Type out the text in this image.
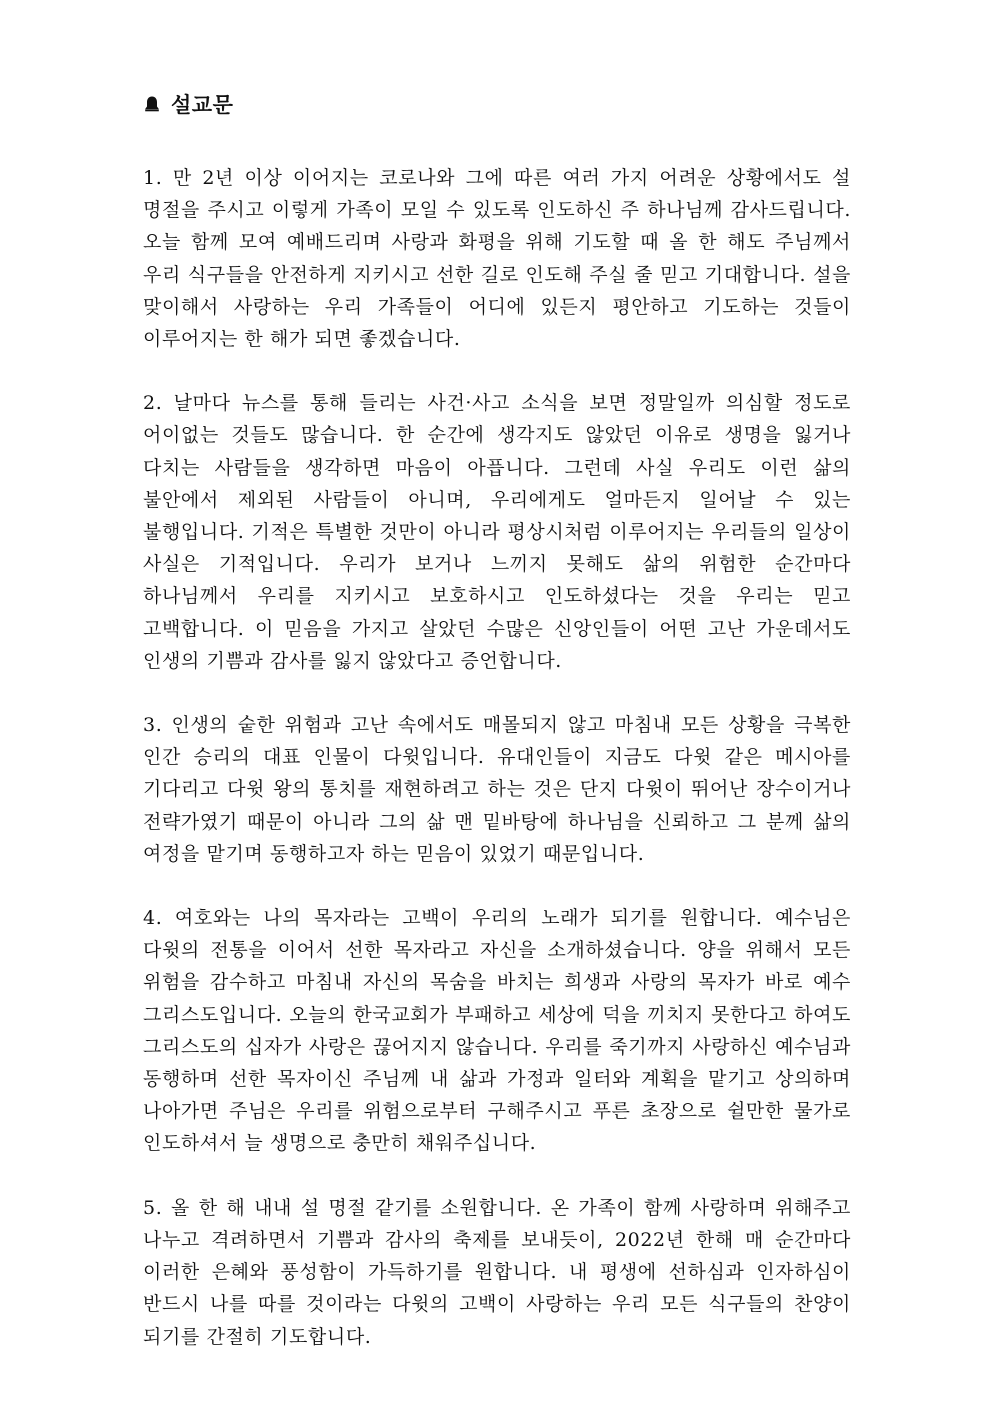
설교문

1. 만 2년 이상 이어지는 코로나와 그에 따른 여러 가지 어려운 상황에서도 설 명절을 주시고 이렇게 가족이 모일 수 있도록 인도하신 주 하나님께 감사드립니다. 오늘 함께 모여 예배드리며 사랑과 화평을 위해 기도할 때 올 한 해도 주님께서 우리 식구들을 안전하게 지키시고 선한 길로 인도해 주실 줄 믿고 기대합니다. 설을 맞이해서 사랑하는 우리 가족들이 어디에 있든지 평안하고 기도하는 것들이 이루어지는 한 해가 되면 좋겠습니다.

2. 날마다 뉴스를 통해 들리는 사건·사고 소식을 보면 정말일까 의심할 정도로 어이없는 것들도 많습니다. 한 순간에 생각지도 않았던 이유로 생명을 잃거나 다치는 사람들을 생각하면 마음이 아픕니다. 그런데 사실 우리도 이런 삶의 불안에서 제외된 사람들이 아니며, 우리에게도 얼마든지 일어날 수 있는 불행입니다. 기적은 특별한 것만이 아니라 평상시처럼 이루어지는 우리들의 일상이 사실은 기적입니다. 우리가 보거나 느끼지 못해도 삶의 위험한 순간마다 하나님께서 우리를 지키시고 보호하시고 인도하셨다는 것을 우리는 믿고 고백합니다. 이 믿음을 가지고 살았던 수많은 신앙인들이 어떤 고난 가운데서도 인생의 기쁨과 감사를 잃지 않았다고 증언합니다.

3. 인생의 숱한 위험과 고난 속에서도 매몰되지 않고 마침내 모든 상황을 극복한 인간 승리의 대표 인물이 다윗입니다. 유대인들이 지금도 다윗 같은 메시아를 기다리고 다윗 왕의 통치를 재현하려고 하는 것은 단지 다윗이 뛰어난 장수이거나 전략가였기 때문이 아니라 그의 삶 맨 밑바탕에 하나님을 신뢰하고 그 분께 삶의 여정을 맡기며 동행하고자 하는 믿음이 있었기 때문입니다.

4. 여호와는 나의 목자라는 고백이 우리의 노래가 되기를 원합니다. 예수님은 다윗의 전통을 이어서 선한 목자라고 자신을 소개하셨습니다. 양을 위해서 모든 위험을 감수하고 마침내 자신의 목숨을 바치는 희생과 사랑의 목자가 바로 예수 그리스도입니다. 오늘의 한국교회가 부패하고 세상에 덕을 끼치지 못한다고 하여도 그리스도의 십자가 사랑은 끊어지지 않습니다. 우리를 죽기까지 사랑하신 예수님과 동행하며 선한 목자이신 주님께 내 삶과 가정과 일터와 계획을 맡기고 상의하며 나아가면 주님은 우리를 위험으로부터 구해주시고 푸른 초장으로 쉴만한 물가로 인도하셔서 늘 생명으로 충만히 채워주십니다.

5. 올 한 해 내내 설 명절 같기를 소원합니다. 온 가족이 함께 사랑하며 위해주고 나누고 격려하면서 기쁨과 감사의 축제를 보내듯이, 2022년 한해 매 순간마다 이러한 은혜와 풍성함이 가득하기를 원합니다. 내 평생에 선하심과 인자하심이 반드시 나를 따를 것이라는 다윗의 고백이 사랑하는 우리 모든 식구들의 찬양이 되기를 간절히 기도합니다.
